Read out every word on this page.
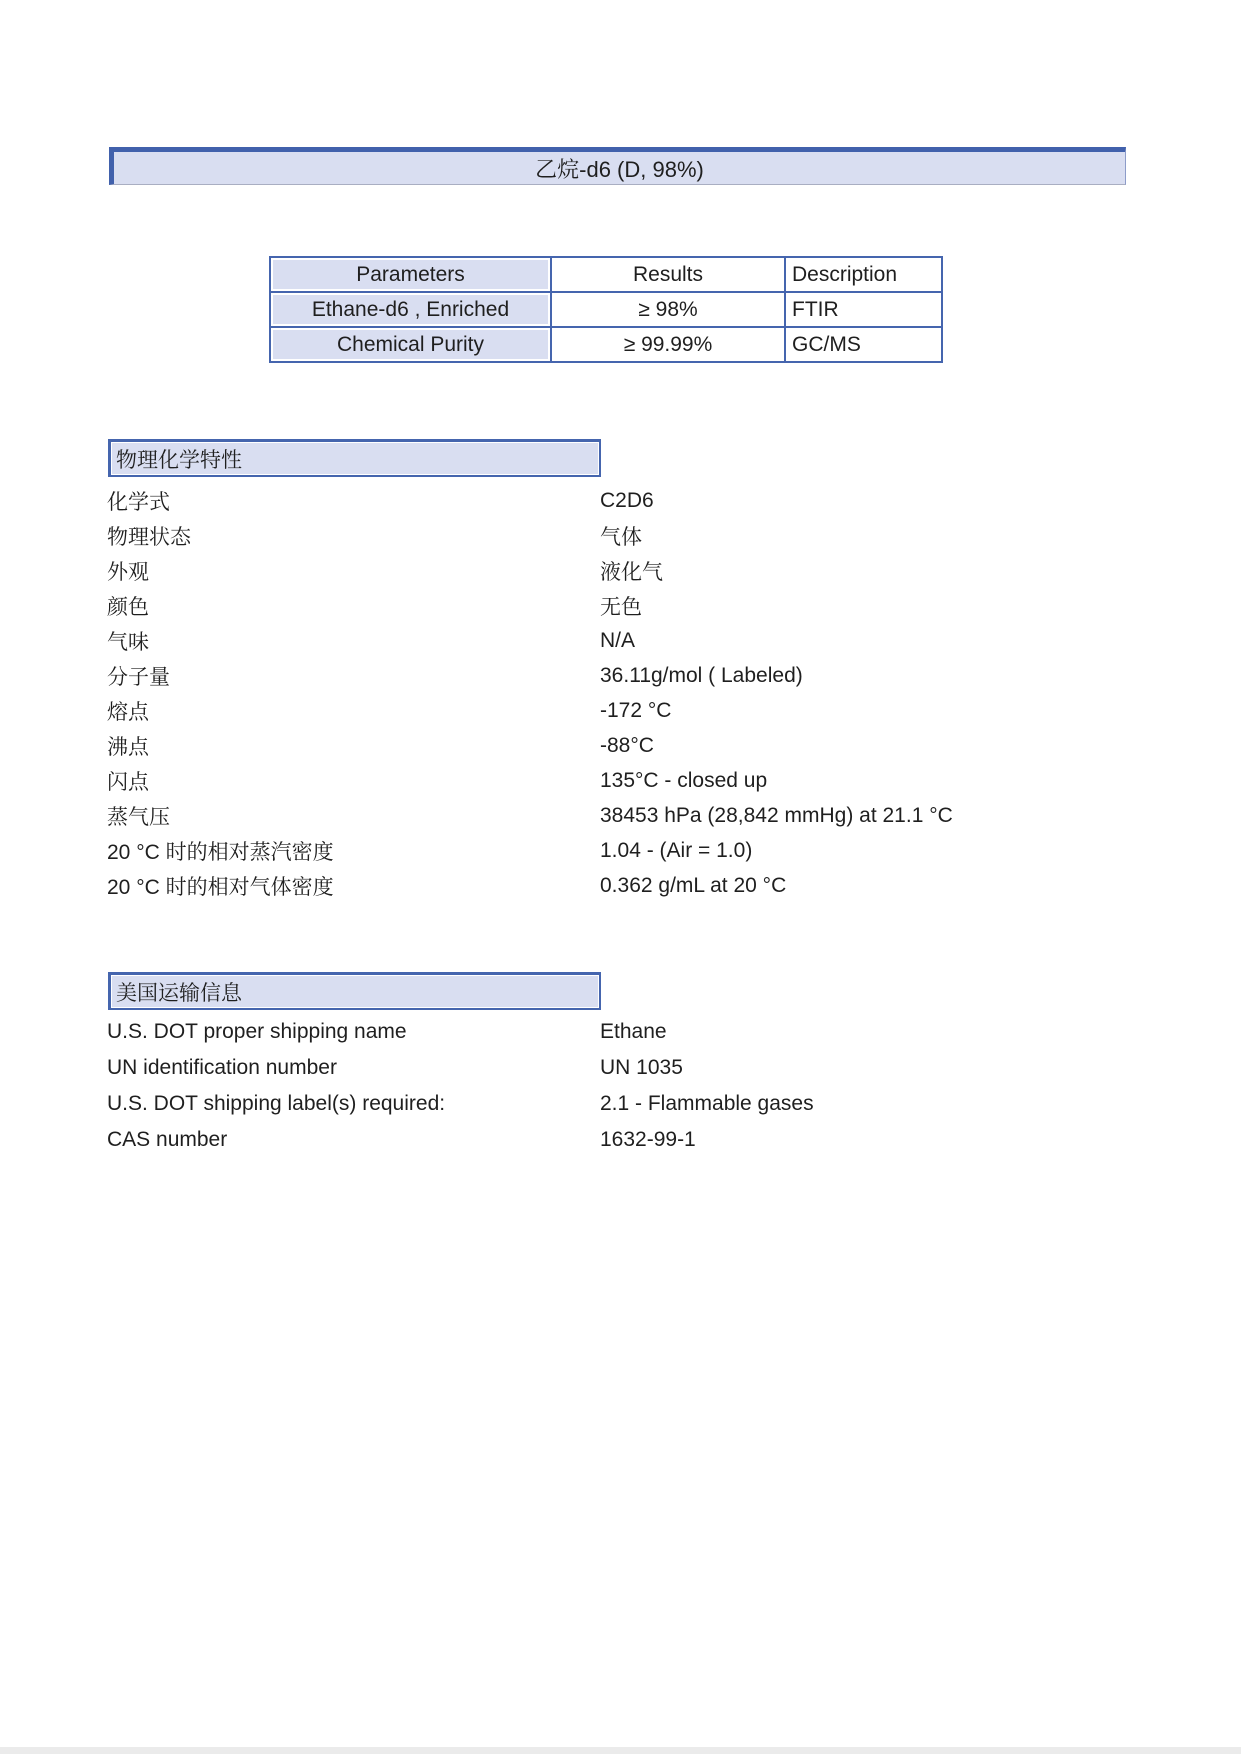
乙烷-d6 (D, 98%)
Parameters	Results	Description
Ethane-d6 , Enriched	≥ 98%	FTIR
Chemical Purity	≥ 99.99%	GC/MS
物理化学特性
化学式	C2D6
物理状态	气体
外观	液化气
颜色	无色
气味	N/A
分子量	36.11g/mol ( Labeled)
熔点	-172 °C
沸点	-88°C
闪点	135°C - closed up
蒸气压	38453 hPa (28,842 mmHg) at 21.1 °C
20 °C 时的相对蒸汽密度	1.04 - (Air = 1.0)
20 °C 时的相对气体密度	0.362 g/mL at 20 °C
美国运输信息
U.S. DOT proper shipping name	Ethane
UN identification number	UN 1035
U.S. DOT shipping label(s) required:	2.1 - Flammable gases
CAS number	1632-99-1
